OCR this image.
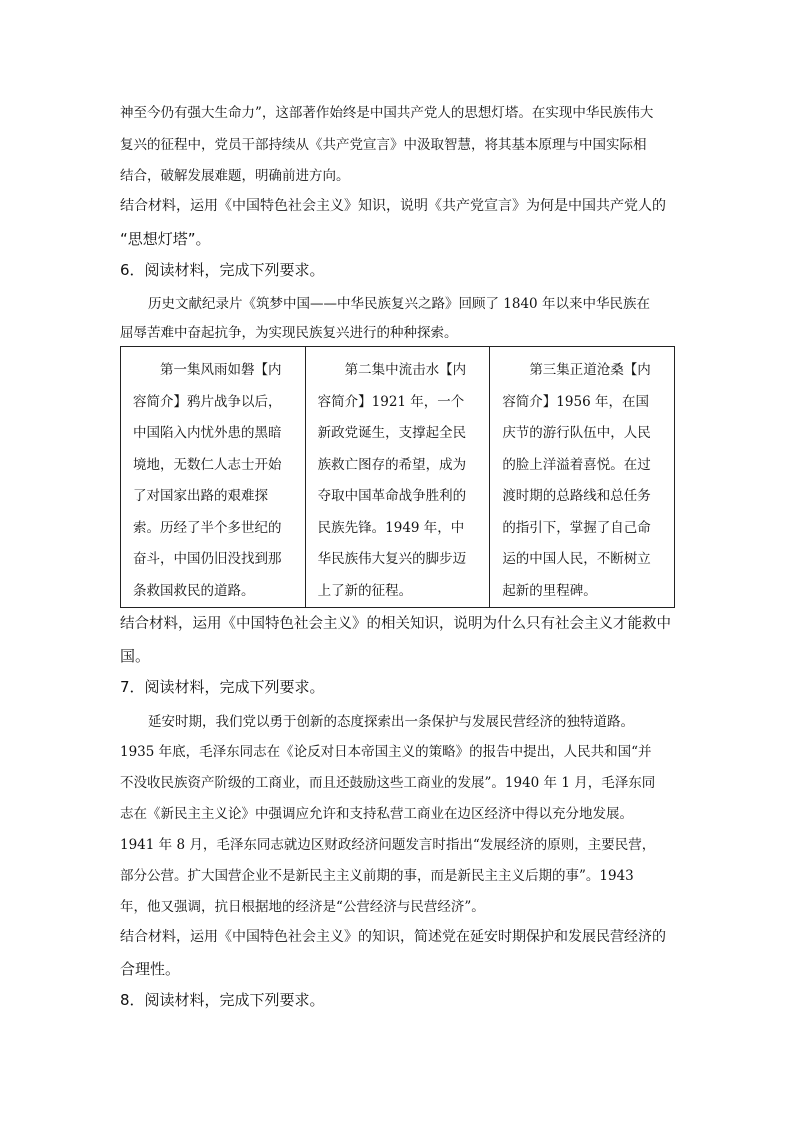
神至今仍有强大生命力”，这部著作始终是中国共产党人的思想灯塔。在实现中华民族伟大
复兴的征程中，党员干部持续从《共产党宣言》中汲取智慧，将其基本原理与中国实际相
结合，破解发展难题，明确前进方向。
结合材料，运用《中国特色社会主义》知识，说明《共产党宣言》为何是中国共产党人的
“思想灯塔”。
6．阅读材料，完成下列要求。
历史文献纪录片《筑梦中国——中华民族复兴之路》回顾了 1840 年以来中华民族在
屈辱苦难中奋起抗争，为实现民族复兴进行的种种探索。
第一集风雨如磐【内容简介】鸦片战争以后，中国陷入内忧外患的黑暗境地，无数仁人志士开始了对国家出路的艰难探索。历经了半个多世纪的奋斗，中国仍旧没找到那条救国救民的道路。	第二集中流击水【内容简介】1921 年，一个新政党诞生，支撑起全民族救亡图存的希望，成为夺取中国革命战争胜利的民族先锋。1949 年，中华民族伟大复兴的脚步迈上了新的征程。	第三集正道沧桑【内容简介】1956 年，在国庆节的游行队伍中，人民的脸上洋溢着喜悦。在过渡时期的总路线和总任务的指引下，掌握了自己命运的中国人民，不断树立起新的里程碑。
结合材料，运用《中国特色社会主义》的相关知识，说明为什么只有社会主义才能救中
国。
7．阅读材料，完成下列要求。
延安时期，我们党以勇于创新的态度探索出一条保护与发展民营经济的独特道路。
1935 年底，毛泽东同志在《论反对日本帝国主义的策略》的报告中提出，人民共和国“并
不没收民族资产阶级的工商业，而且还鼓励这些工商业的发展”。1940 年 1 月，毛泽东同
志在《新民主主义论》中强调应允许和支持私营工商业在边区经济中得以充分地发展。
1941 年 8 月，毛泽东同志就边区财政经济问题发言时指出“发展经济的原则，主要民营，
部分公营。扩大国营企业不是新民主主义前期的事，而是新民主主义后期的事”。1943
年，他又强调，抗日根据地的经济是“公营经济与民营经济”。
结合材料，运用《中国特色社会主义》的知识，简述党在延安时期保护和发展民营经济的
合理性。
8．阅读材料，完成下列要求。
